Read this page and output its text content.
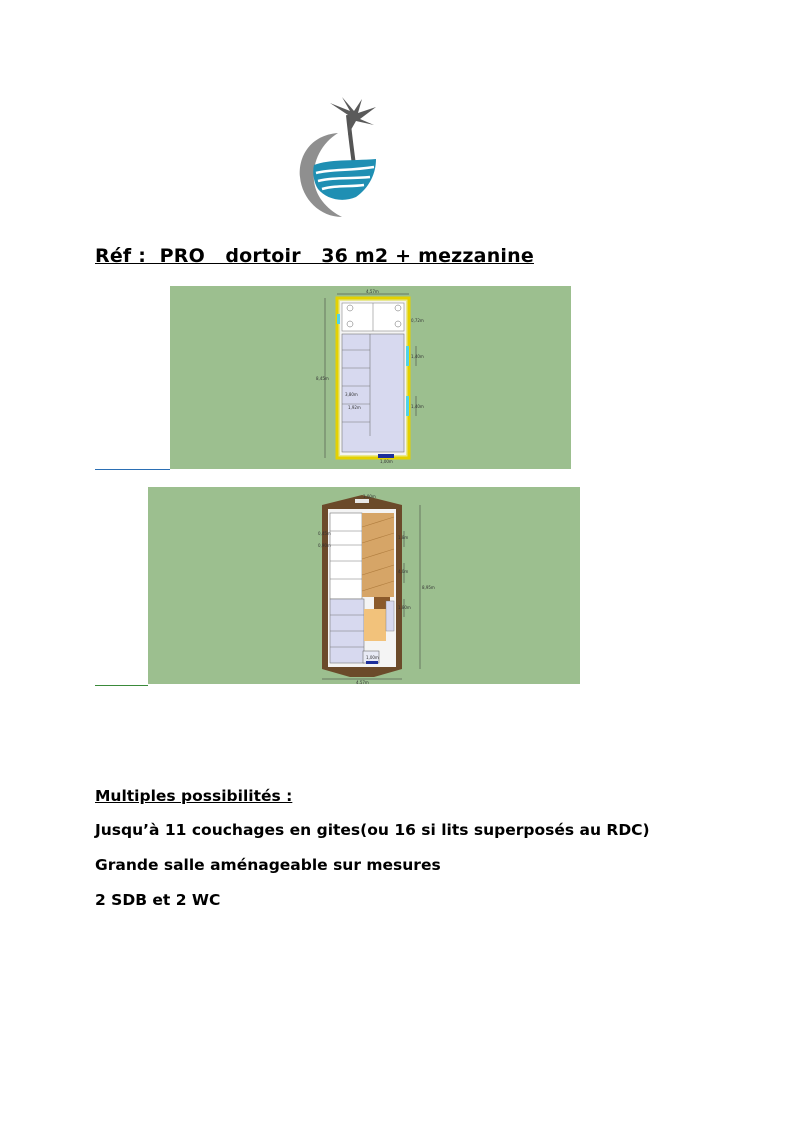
Réf :  PRO   dortoir   36 m2 + mezzanine
4,57m
0,72m
1,40m
1,40m
8,45m
3,80m
1,92m
1,00m
1,00m
0,45m
0,90m
1,8m
4,0m
1,80m
8,95m
4,57m
1,00m
Multiples possibilités :

Jusqu’à 11 couchages en gites(ou 16 si lits superposés au RDC)

Grande salle aménageable sur mesures

2 SDB et 2 WC
